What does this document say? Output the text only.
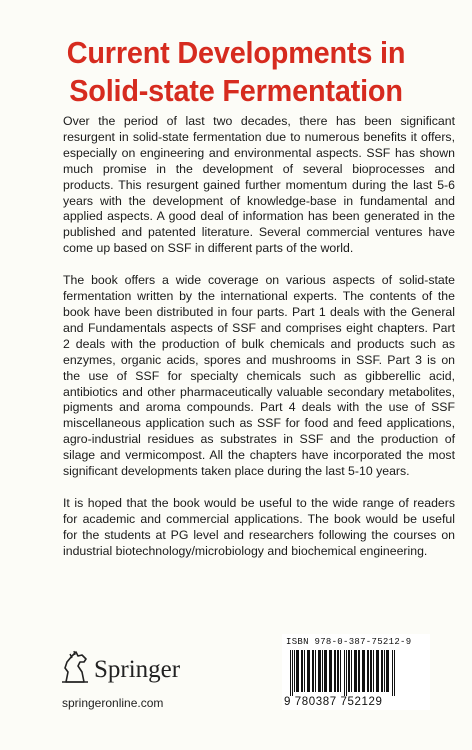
Current Developments in
Solid-state Fermentation

Over the period of last two decades, there has been significant resurgent in solid-state fermentation due to numerous benefits it offers, especially on engineering and environmental aspects. SSF has shown much promise in the development of several bioprocesses and products. This resurgent gained further momentum during the last 5-6 years with the development of knowledge-base in fundamental and applied aspects. A good deal of information has been generated in the published and patented literature. Several commercial ventures have come up based on SSF in different parts of the world.

The book offers a wide coverage on various aspects of solid-state fermentation written by the international experts. The contents of the book have been distributed in four parts. Part 1 deals with the General and Fundamentals aspects of SSF and comprises eight chapters. Part 2 deals with the production of bulk chemicals and products such as enzymes, organic acids, spores and mushrooms in SSF. Part 3 is on the use of SSF for specialty chemicals such as gibberellic acid, antibiotics and other pharmaceutically valuable secondary metabolites, pigments and aroma compounds. Part 4 deals with the use of SSF miscellaneous application such as SSF for food and feed applications, agro-industrial residues as substrates in SSF and the production of silage and vermicompost. All the chapters have incorporated the most significant developments taken place during the last 5-10 years.

It is hoped that the book would be useful to the wide range of readers for academic and commercial applications. The book would be useful for the students at PG level and researchers following the courses on industrial biotechnology/microbiology and biochemical engineering.

Springer
springeronline.com
ISBN 978-0-387-75212-9
9 780387 752129
